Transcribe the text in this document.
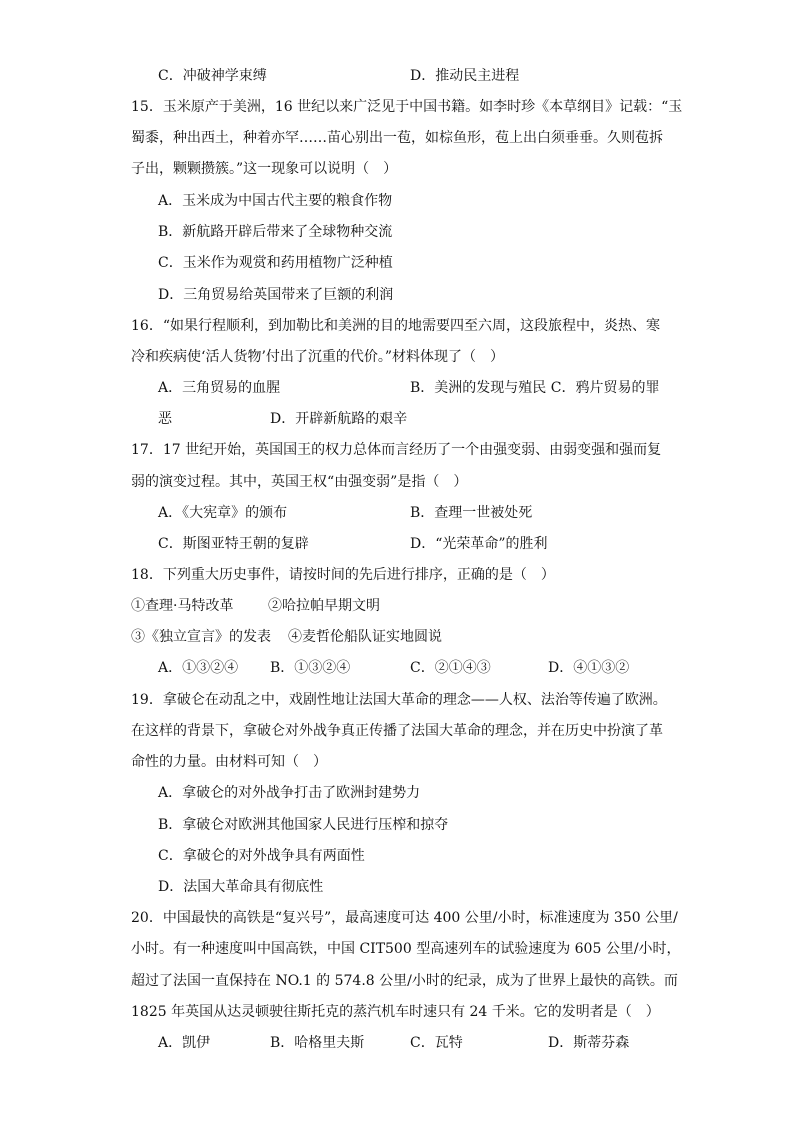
C．冲破神学束缚	D．推动民主进程
15．玉米原产于美洲，16 世纪以来广泛见于中国书籍。如李时珍《本草纲目》记载：“玉
蜀黍，种出西土，种着亦罕……苗心别出一苞，如棕鱼形，苞上出白须垂垂。久则苞拆
子出，颗颗攒簇。”这一现象可以说明（　）
A．玉米成为中国古代主要的粮食作物
B．新航路开辟后带来了全球物种交流
C．玉米作为观赏和药用植物广泛种植
D．三角贸易给英国带来了巨额的利润
16．“如果行程顺利，到加勒比和美洲的目的地需要四至六周，这段旅程中，炎热、寒
冷和疾病使‘活人货物’付出了沉重的代价。”材料体现了（　）
A．三角贸易的血腥	B．美洲的发现与殖民 C．鸦片贸易的罪
恶	D．开辟新航路的艰辛
17．17 世纪开始，英国国王的权力总体而言经历了一个由强变弱、由弱变强和强而复
弱的演变过程。其中，英国王权“由强变弱”是指（　）
A．《大宪章》的颁布	B．查理一世被处死
C．斯图亚特王朝的复辟	D．“光荣革命”的胜利
18．下列重大历史事件，请按时间的先后进行排序，正确的是（　）
①查理·马特改革 ②哈拉帕早期文明
③《独立宣言》的发表 ④麦哲伦船队证实地圆说
A．①③②④ B．①③②④	C．②①④③	D．④①③②
19．拿破仑在动乱之中，戏剧性地让法国大革命的理念——人权、法治等传遍了欧洲。
在这样的背景下，拿破仑对外战争真正传播了法国大革命的理念，并在历史中扮演了革
命性的力量。由材料可知（　）
A．拿破仑的对外战争打击了欧洲封建势力
B．拿破仑对欧洲其他国家人民进行压榨和掠夺
C．拿破仑的对外战争具有两面性
D．法国大革命具有彻底性
20．中国最快的高铁是“复兴号”，最高速度可达 400 公里/小时，标准速度为 350 公里/
小时。有一种速度叫中国高铁，中国 CIT500 型高速列车的试验速度为 605 公里/小时，
超过了法国一直保持在 NO.1 的 574.8 公里/小时的纪录，成为了世界上最快的高铁。而
1825 年英国从达灵顿驶往斯托克的蒸汽机车时速只有 24 千米。它的发明者是（　）
A．凯伊	B．哈格里夫斯	C．瓦特	D．斯蒂芬森
